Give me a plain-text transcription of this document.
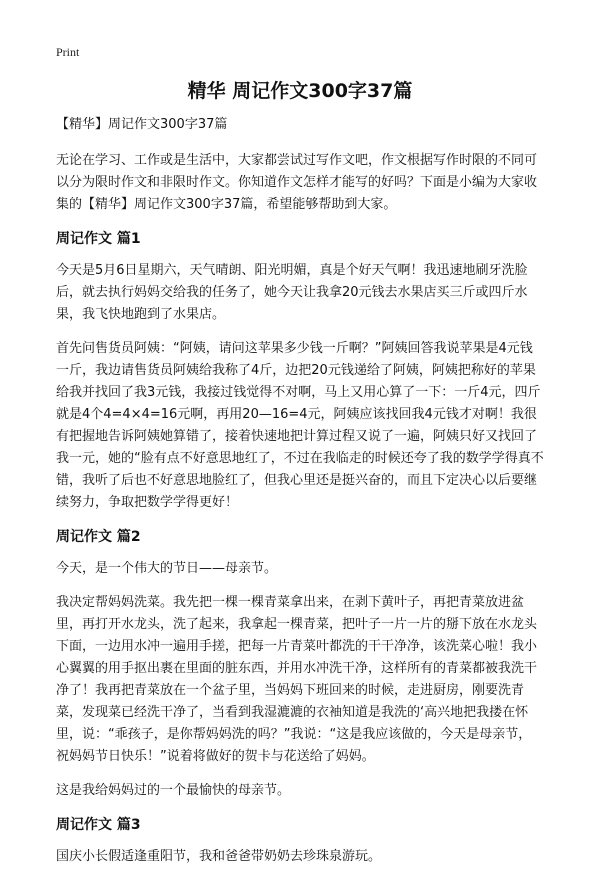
Print
精华 周记作文300字37篇

【精华】周记作文300字37篇

无论在学习、工作或是生活中，大家都尝试过写作文吧，作文根据写作时限的不同可以分为限时作文和非限时作文。你知道作文怎样才能写的好吗？下面是小编为大家收集的【精华】周记作文300字37篇，希望能够帮助到大家。

周记作文 篇1

今天是5月6日星期六，天气晴朗、阳光明媚，真是个好天气啊！我迅速地刷牙洗脸后，就去执行妈妈交给我的任务了，她今天让我拿20元钱去水果店买三斤或四斤水果，我飞快地跑到了水果店。

首先问售货员阿姨：“阿姨，请问这苹果多少钱一斤啊？”阿姨回答我说苹果是4元钱一斤，我边请售货员阿姨给我称了4斤，边把20元钱递给了阿姨，阿姨把称好的苹果给我并找回了我3元钱，我接过钱觉得不对啊，马上又用心算了一下：一斤4元，四斤就是4个4=4×4=16元啊，再用20—16=4元，阿姨应该找回我4元钱才对啊！我很有把握地告诉阿姨她算错了，接着快速地把计算过程又说了一遍，阿姨只好又找回了我一元，她的“脸有点不好意思地红了，不过在我临走的时候还夸了我的数学学得真不错，我听了后也不好意思地脸红了，但我心里还是挺兴奋的，而且下定决心以后要继续努力，争取把数学学得更好！

周记作文 篇2

今天，是一个伟大的节日——母亲节。

我决定帮妈妈洗菜。我先把一棵一棵青菜拿出来，在剥下黄叶子，再把青菜放进盆里，再打开水龙头，洗了起来，我拿起一棵青菜，把叶子一片一片的掰下放在水龙头下面，一边用水冲一遍用手搓，把每一片青菜叶都洗的干干净净，该洗菜心啦！我小心翼翼的用手抠出裹在里面的脏东西，并用水冲洗干净，这样所有的青菜都被我洗干净了！我再把青菜放在一个盆子里，当妈妈下班回来的时候，走进厨房，刚要洗青菜，发现菜已经洗干净了，当看到我湿漉漉的衣袖知道是我洗的‘高兴地把我搂在怀里，说：“乖孩子，是你帮妈妈洗的吗？”我说：“这是我应该做的，今天是母亲节，祝妈妈节日快乐！”说着将做好的贺卡与花送给了妈妈。

这是我给妈妈过的一个最愉快的母亲节。

周记作文 篇3

国庆小长假适逢重阳节，我和爸爸带奶奶去珍珠泉游玩。
